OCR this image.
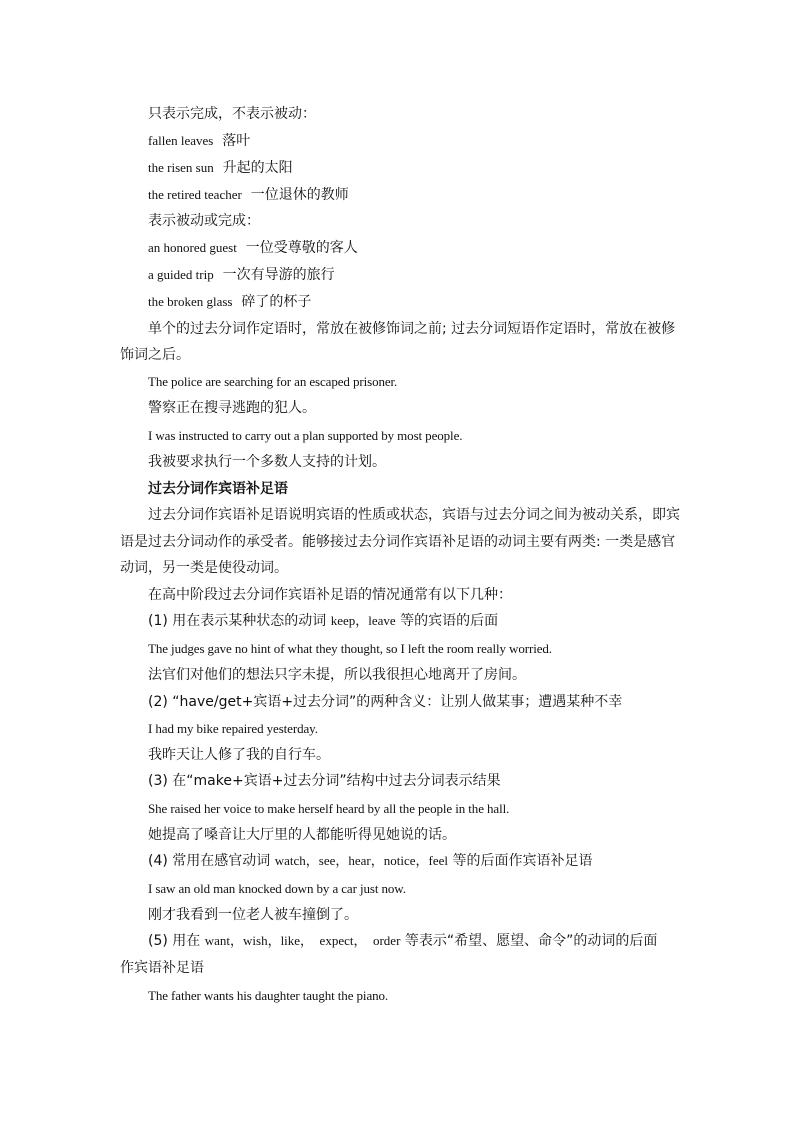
只表示完成，不表示被动：
fallen leaves 落叶
the risen sun 升起的太阳
the retired teacher 一位退休的教师
表示被动或完成：
an honored guest 一位受尊敬的客人
a guided trip 一次有导游的旅行
the broken glass 碎了的杯子
单个的过去分词作定语时，常放在被修饰词之前; 过去分词短语作定语时，常放在被修
饰词之后。
The police are searching for an escaped prisoner.
警察正在搜寻逃跑的犯人。
I was instructed to carry out a plan supported by most people.
我被要求执行一个多数人支持的计划。
过去分词作宾语补足语
过去分词作宾语补足语说明宾语的性质或状态，宾语与过去分词之间为被动关系，即宾
语是过去分词动作的承受者。能够接过去分词作宾语补足语的动词主要有两类: 一类是感官
动词，另一类是使役动词。
在高中阶段过去分词作宾语补足语的情况通常有以下几种：
(1) 用在表示某种状态的动词 keep，leave 等的宾语的后面
The judges gave no hint of what they thought, so I left the room really worried.
法官们对他们的想法只字未提，所以我很担心地离开了房间。
(2) “have/get+宾语+过去分词”的两种含义：让别人做某事；遭遇某种不幸
I had my bike repaired yesterday.
我昨天让人修了我的自行车。
(3) 在“make+宾语+过去分词”结构中过去分词表示结果
She raised her voice to make herself heard by all the people in the hall.
她提高了嗓音让大厅里的人都能听得见她说的话。
(4) 常用在感官动词 watch，see，hear，notice，feel 等的后面作宾语补足语
I saw an old man knocked down by a car just now.
刚才我看到一位老人被车撞倒了。
(5) 用在 want，wish，like，  expect，  order 等表示“希望、愿望、命令”的动词的后面
作宾语补足语
The father wants his daughter taught the piano.
